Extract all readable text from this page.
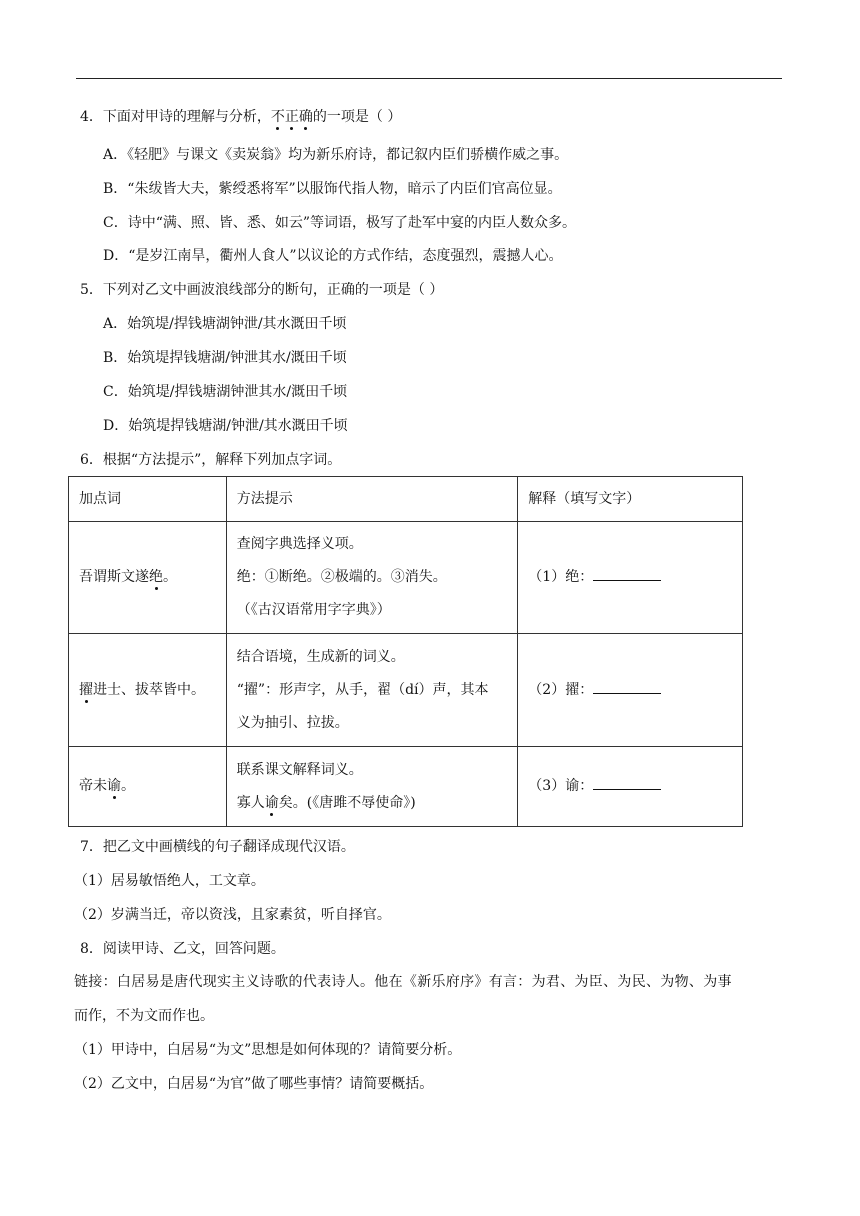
4．下面对甲诗的理解与分析，不正确的一项是（ ）
A．《轻肥》与课文《卖炭翁》均为新乐府诗，都记叙内臣们骄横作威之事。
B．“朱绂皆大夫，紫绶悉将军”以服饰代指人物，暗示了内臣们官高位显。
C．诗中“满、照、皆、悉、如云”等词语，极写了赴军中宴的内臣人数众多。
D．“是岁江南旱，衢州人食人”以议论的方式作结，态度强烈，震撼人心。
5．下列对乙文中画波浪线部分的断句，正确的一项是（ ）
A．始筑堤/捍钱塘湖钟泄/其水溉田千顷
B．始筑堤捍钱塘湖/钟泄其水/溉田千顷
C．始筑堤/捍钱塘湖钟泄其水/溉田千顷
D．始筑堤捍钱塘湖/钟泄/其水溉田千顷
6．根据“方法提示”，解释下列加点字词。
加点词	方法提示	解释（填写文字）
吾谓斯文遂绝。	查阅字典选择义项。
绝：①断绝。②极端的。③消失。
（《古汉语常用字字典》）	（1）绝：
擢进士、拔萃皆中。	结合语境，生成新的词义。
“擢”：形声字，从手，翟（dí）声，其本
义为抽引、拉拔。	（2）擢：
帝未谕。	联系课文解释词义。
寡人谕矣。(《唐雎不辱使命》)	（3）谕：
7．把乙文中画横线的句子翻译成现代汉语。
（1）居易敏悟绝人，工文章。
（2）岁满当迁，帝以资浅，且家素贫，听自择官。
8．阅读甲诗、乙文，回答问题。
链接：白居易是唐代现实主义诗歌的代表诗人。他在《新乐府序》有言：为君、为臣、为民、为物、为事
而作，不为文而作也。
（1）甲诗中，白居易“为文”思想是如何体现的？请简要分析。
（2）乙文中，白居易“为官”做了哪些事情？请简要概括。
